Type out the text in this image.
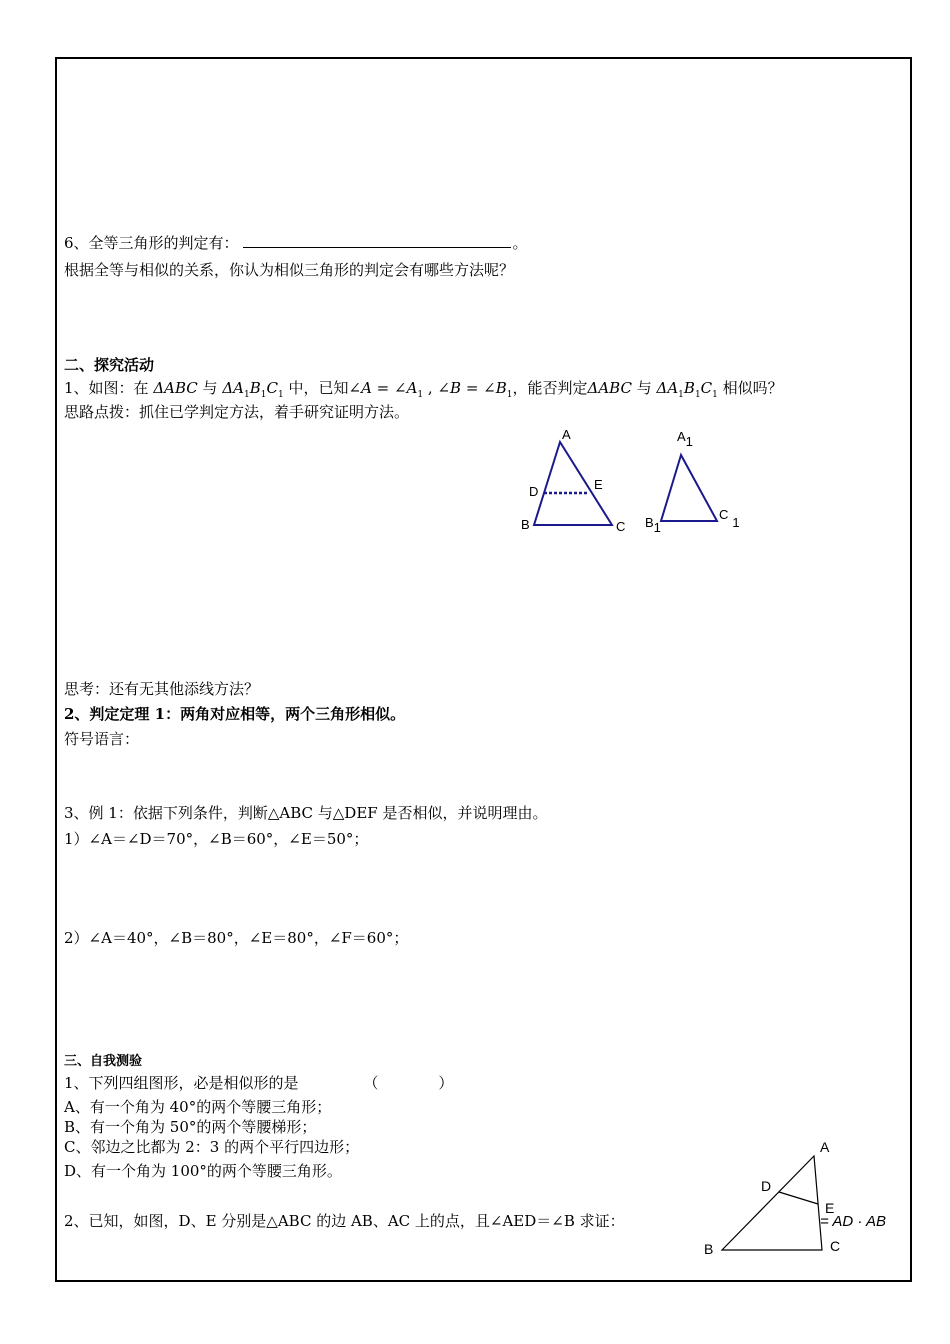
6、全等三角形的判定有：	。
根据全等与相似的关系，你认为相似三角形的判定会有哪些方法呢？
二、探究活动
1、如图：在 ΔABC 与 $\Delta A_1B_1C_1$ 中，已知∠A = $\angle A_1$ , ∠B = $\angle B_1$，能否判定ΔABC 与 $\Delta A_1B_1C_1$ 相似吗？
思路点拨：抓住已学判定方法，着手研究证明方法。
A
D	E
B	C
A1
B1
C1
思考：还有无其他添线方法？
2、判定定理 1：两角对应相等，两个三角形相似。
符号语言：
3、例 1：依据下列条件，判断△ABC 与△DEF 是否相似，并说明理由。
1）∠A＝∠D＝70°，∠B＝60°，∠E＝50°；
2）∠A＝40°，∠B＝80°，∠E＝80°，∠F＝60°；
三、自我测验
1、下列四组图形，必是相似形的是	（	）
A、有一个角为 40°的两个等腰三角形；
B、有一个角为 50°的两个等腰梯形；
C、邻边之比都为 2：3 的两个平行四边形；
D、有一个角为 100°的两个等腰三角形。
2、已知，如图，D、E 分别是△ABC 的边 AB、AC 上的点，且∠AED＝∠B 求证：
A
D
E
B	C
= AD · AB
